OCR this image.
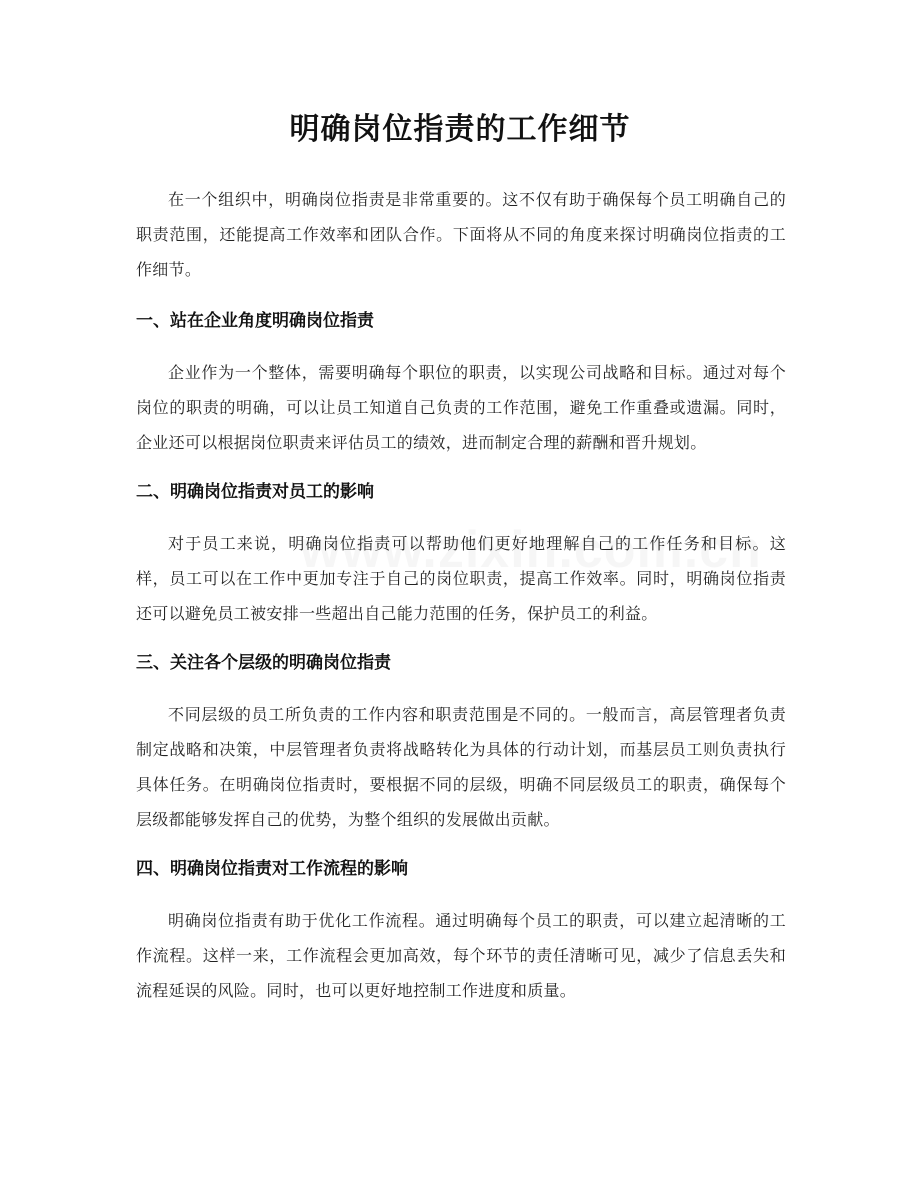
明确岗位指责的工作细节

在一个组织中，明确岗位指责是非常重要的。这不仅有助于确保每个员工明确自己的职责范围，还能提高工作效率和团队合作。下面将从不同的角度来探讨明确岗位指责的工作细节。

一、站在企业角度明确岗位指责

企业作为一个整体，需要明确每个职位的职责，以实现公司战略和目标。通过对每个岗位的职责的明确，可以让员工知道自己负责的工作范围，避免工作重叠或遗漏。同时，企业还可以根据岗位职责来评估员工的绩效，进而制定合理的薪酬和晋升规划。

二、明确岗位指责对员工的影响

对于员工来说，明确岗位指责可以帮助他们更好地理解自己的工作任务和目标。这样，员工可以在工作中更加专注于自己的岗位职责，提高工作效率。同时，明确岗位指责还可以避免员工被安排一些超出自己能力范围的任务，保护员工的利益。

三、关注各个层级的明确岗位指责

不同层级的员工所负责的工作内容和职责范围是不同的。一般而言，高层管理者负责制定战略和决策，中层管理者负责将战略转化为具体的行动计划，而基层员工则负责执行具体任务。在明确岗位指责时，要根据不同的层级，明确不同层级员工的职责，确保每个层级都能够发挥自己的优势，为整个组织的发展做出贡献。

四、明确岗位指责对工作流程的影响

明确岗位指责有助于优化工作流程。通过明确每个员工的职责，可以建立起清晰的工作流程。这样一来，工作流程会更加高效，每个环节的责任清晰可见，减少了信息丢失和流程延误的风险。同时，也可以更好地控制工作进度和质量。
